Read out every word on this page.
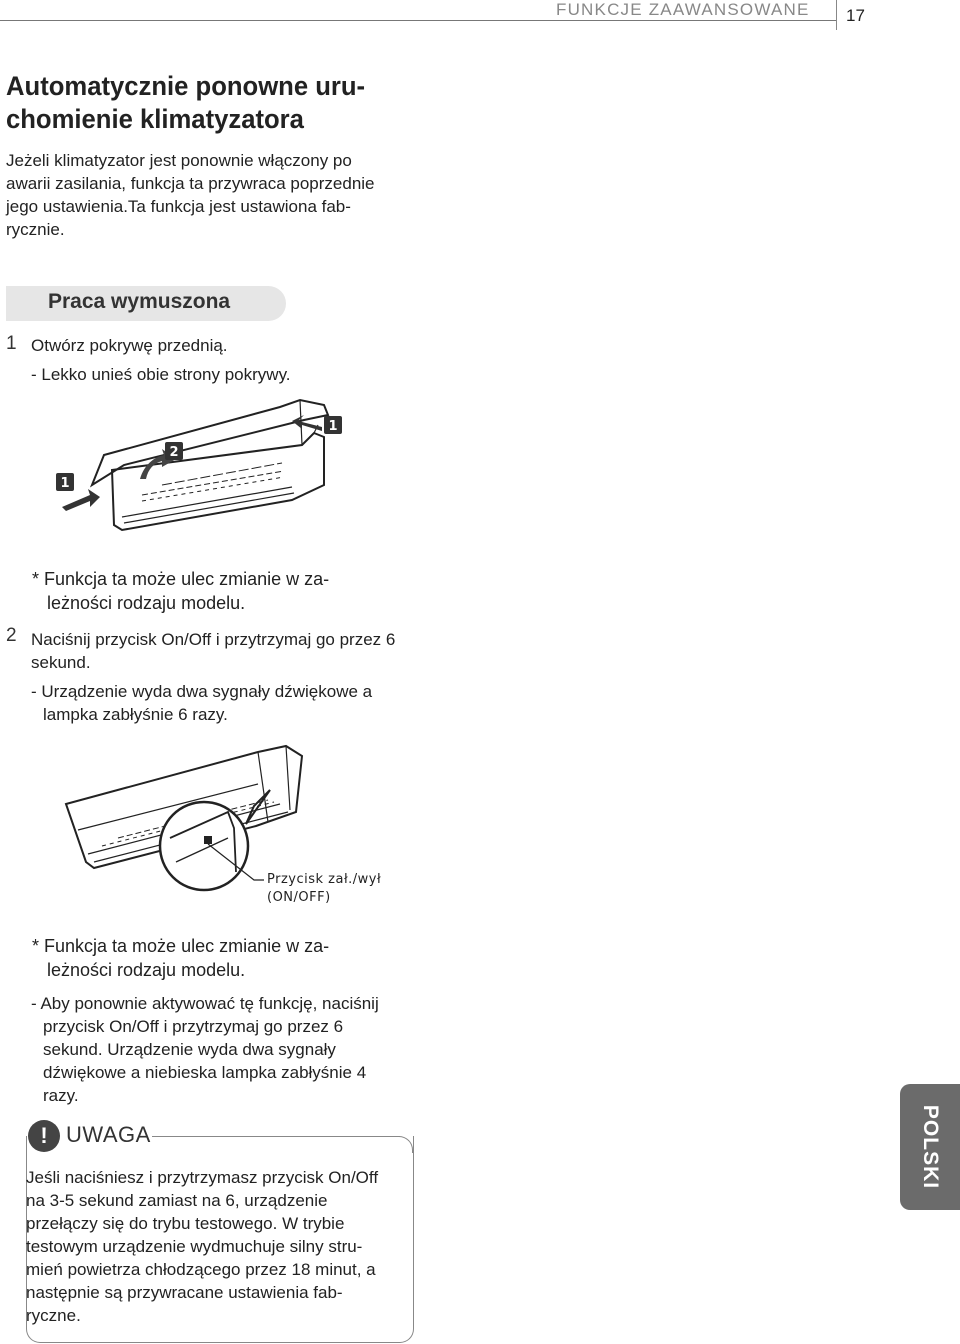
FUNKCJE ZAAWANSOWANE 17
Automatycznie ponowne uru-
chomienie klimatyzatora
Jeżeli klimatyzator jest ponownie włączony po
awarii zasilania, funkcja ta przywraca poprzednie
jego ustawienia.Ta funkcja jest ustawiona fab-
rycznie.
Praca wymuszona
1 Otwórz pokrywę przednią.
- Lekko unieś obie strony pokrywy.
1
1
2
* Funkcja ta może ulec zmianie w za-
leżności rodzaju modelu.
2 Naciśnij przycisk On/Off i przytrzymaj go przez 6
sekund.
- Urządzenie wyda dwa sygnały dźwiękowe a
lampka zabłyśnie 6 razy.
Przycisk zał./wył
(ON/OFF)
* Funkcja ta może ulec zmianie w za-
leżności rodzaju modelu.
- Aby ponownie aktywować tę funkcję, naciśnij
przycisk On/Off i przytrzymaj go przez 6
sekund. Urządzenie wyda dwa sygnały
dźwiękowe a niebieska lampka zabłyśnie 4
razy.
! UWAGA
Jeśli naciśniesz i przytrzymasz przycisk On/Off
na 3-5 sekund zamiast na 6, urządzenie
przełączy się do trybu testowego. W trybie
testowym urządzenie wydmuchuje silny stru-
mień powietrza chłodzącego przez 18 minut, a
następnie są przywracane ustawienia fab-
ryczne.
POLSKI
